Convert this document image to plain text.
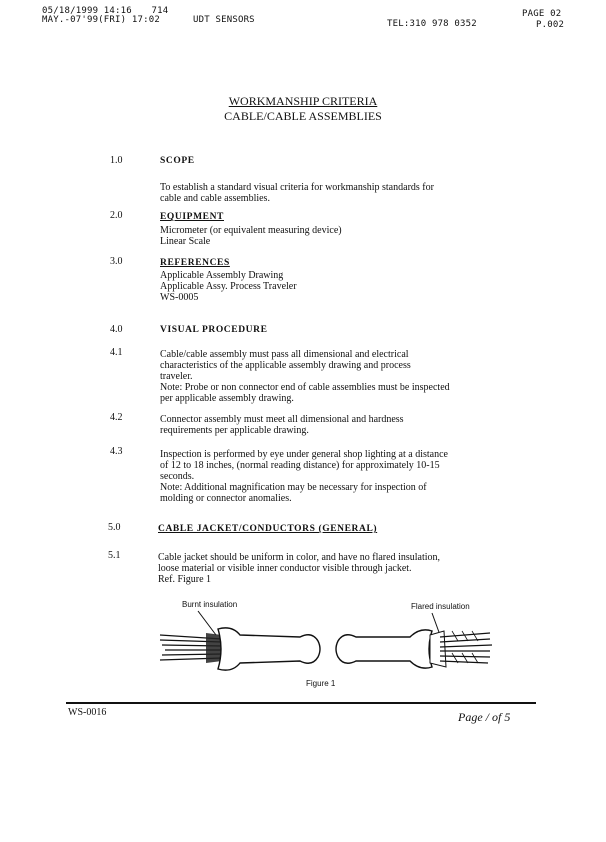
05/18/1999 14:16 714
MAY.-07'99(FRI) 17:02	UDT SENSORS	TEL:310 978 0352
PAGE 02
P.002
WORKMANSHIP CRITERIA
CABLE/CABLE ASSEMBLIES
1.0	SCOPE
To establish a standard visual criteria for workmanship standards for
cable and cable assemblies.
2.0	EQUIPMENT
Micrometer (or equivalent measuring device)
Linear Scale
3.0	REFERENCES
Applicable Assembly Drawing
Applicable Assy. Process Traveler
WS-0005
4.0	VISUAL PROCEDURE
4.1	Cable/cable assembly must pass all dimensional and electrical
characteristics of the applicable assembly drawing and process
traveler.
Note: Probe or non connector end of cable assemblies must be inspected
per applicable assembly drawing.
4.2	Connector assembly must meet all dimensional and hardness
requirements per applicable drawing.
4.3	Inspection is performed by eye under general shop lighting at a distance
of 12 to 18 inches, (normal reading distance) for approximately 10-15
seconds.
Note: Additional magnification may be necessary for inspection of
molding or connector anomalies.
5.0	CABLE JACKET/CONDUCTORS (GENERAL)
5.1	Cable jacket should be uniform in color, and have no flared insulation,
loose material or visible inner conductor visible through jacket.
Ref. Figure 1
Burnt insulation	Flared insulation
Figure 1
WS-0016	Page / of 5
